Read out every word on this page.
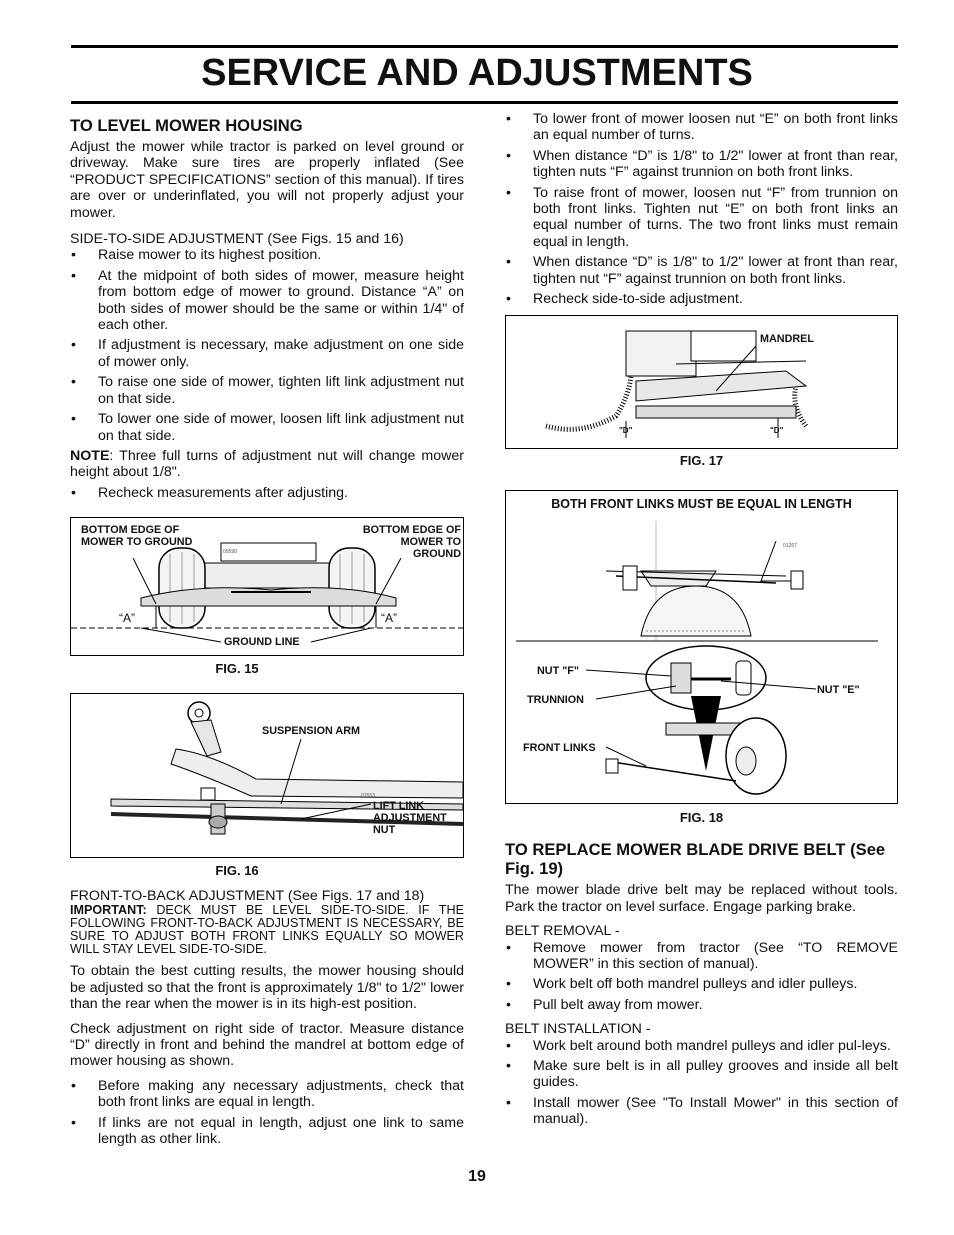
SERVICE AND ADJUSTMENTS
TO LEVEL MOWER HOUSING

Adjust the mower while tractor is parked on level ground or driveway. Make sure tires are properly inflated (See “PRODUCT SPECIFICATIONS” section of this manual). If tires are over or underinflated, you will not properly adjust your mower.

SIDE-TO-SIDE ADJUSTMENT (See Figs. 15 and 16)
• Raise mower to its highest position.
• At the midpoint of both sides of mower, measure height from bottom edge of mower to ground. Distance “A” on both sides of mower should be the same or within 1/4" of each other.
• If adjustment is necessary, make adjustment on one side of mower only.
• To raise one side of mower, tighten lift link adjustment nut on that side.
• To lower one side of mower, loosen lift link adjustment nut on that side.

NOTE: Three full turns of adjustment nut will change mower height about 1/8".

• Recheck measurements after adjusting.
BOTTOM EDGE OF MOWER TO GROUND
BOTTOM EDGE OF MOWER TO GROUND
“A”	“A”
GROUND LINE
00598
FIG. 15
SUSPENSION ARM
LIFT LINK ADJUSTMENT NUT
01553
FIG. 16
FRONT-TO-BACK ADJUSTMENT (See Figs. 17 and 18)

IMPORTANT: DECK MUST BE LEVEL SIDE-TO-SIDE. IF THE FOLLOWING FRONT-TO-BACK ADJUSTMENT IS NECESSARY, BE SURE TO ADJUST BOTH FRONT LINKS EQUALLY SO MOWER WILL STAY LEVEL SIDE-TO-SIDE.

To obtain the best cutting results, the mower housing should be adjusted so that the front is approximately 1/8" to 1/2" lower than the rear when the mower is in its high-est position.

Check adjustment on right side of tractor. Measure distance “D” directly in front and behind the mandrel at bottom edge of mower housing as shown.

• Before making any necessary adjustments, check that both front links are equal in length.
• If links are not equal in length, adjust one link to same length as other link.
• To lower front of mower loosen nut “E” on both front links an equal number of turns.
• When distance “D” is 1/8" to 1/2" lower at front than rear, tighten nuts “F” against trunnion on both front links.
• To raise front of mower, loosen nut “F” from trunnion on both front links. Tighten nut “E” on both front links an equal number of turns. The two front links must remain equal in length.
• When distance “D” is 1/8" to 1/2" lower at front than rear, tighten nut “F” against trunnion on both front links.
• Recheck side-to-side adjustment.
MANDREL
"D"	"D"
FIG. 17
BOTH FRONT LINKS MUST BE EQUAL IN LENGTH
NUT "F"
NUT "E"
TRUNNION
FRONT LINKS
01267
FIG. 18
TO REPLACE MOWER BLADE DRIVE BELT (See Fig. 19)

The mower blade drive belt may be replaced without tools. Park the tractor on level surface. Engage parking brake.

BELT REMOVAL -
• Remove mower from tractor (See “TO REMOVE MOWER” in this section of manual).
• Work belt off both mandrel pulleys and idler pulleys.
• Pull belt away from mower.
BELT INSTALLATION -
• Work belt around both mandrel pulleys and idler pul-leys.
• Make sure belt is in all pulley grooves and inside all belt guides.
• Install mower (See "To Install Mower" in this section of manual).
19
